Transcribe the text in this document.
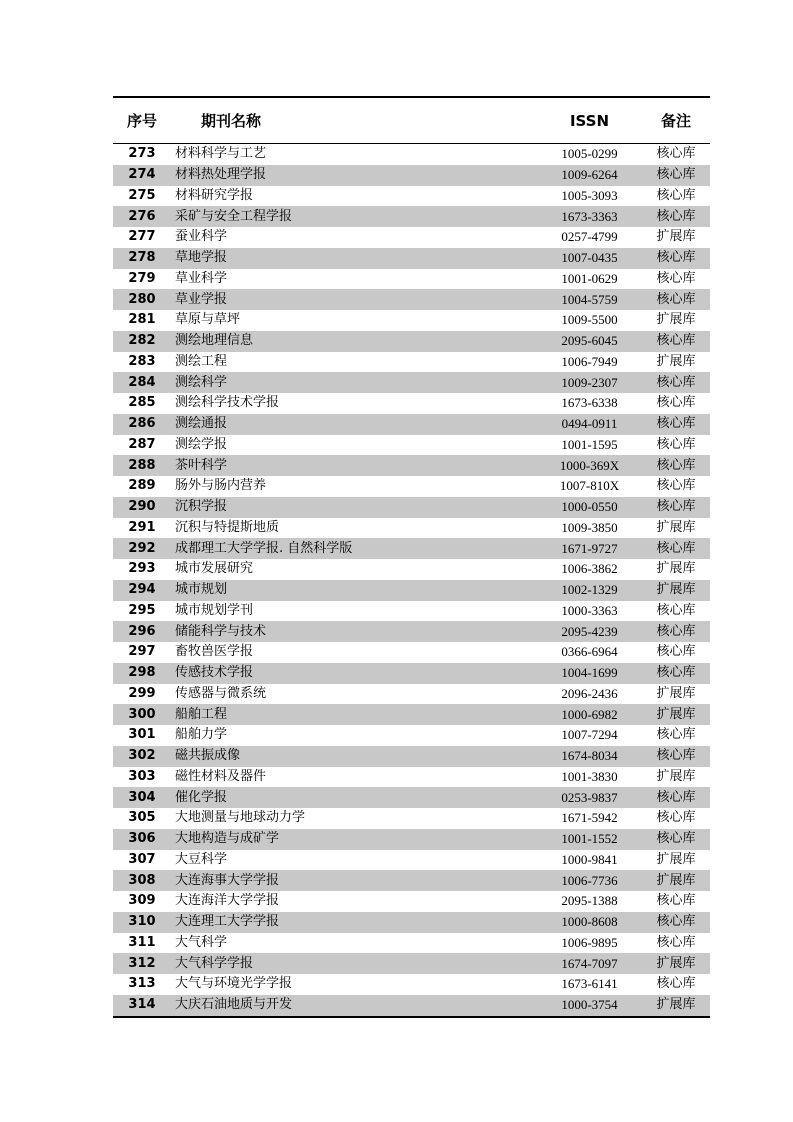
序号	期刊名称	ISSN	备注
273	材料科学与工艺	1005-0299	核心库
274	材料热处理学报	1009-6264	核心库
275	材料研究学报	1005-3093	核心库
276	采矿与安全工程学报	1673-3363	核心库
277	蚕业科学	0257-4799	扩展库
278	草地学报	1007-0435	核心库
279	草业科学	1001-0629	核心库
280	草业学报	1004-5759	核心库
281	草原与草坪	1009-5500	扩展库
282	测绘地理信息	2095-6045	核心库
283	测绘工程	1006-7949	扩展库
284	测绘科学	1009-2307	核心库
285	测绘科学技术学报	1673-6338	核心库
286	测绘通报	0494-0911	核心库
287	测绘学报	1001-1595	核心库
288	茶叶科学	1000-369X	核心库
289	肠外与肠内营养	1007-810X	核心库
290	沉积学报	1000-0550	核心库
291	沉积与特提斯地质	1009-3850	扩展库
292	成都理工大学学报. 自然科学版	1671-9727	核心库
293	城市发展研究	1006-3862	扩展库
294	城市规划	1002-1329	扩展库
295	城市规划学刊	1000-3363	核心库
296	储能科学与技术	2095-4239	核心库
297	畜牧兽医学报	0366-6964	核心库
298	传感技术学报	1004-1699	核心库
299	传感器与微系统	2096-2436	扩展库
300	船舶工程	1000-6982	扩展库
301	船舶力学	1007-7294	核心库
302	磁共振成像	1674-8034	核心库
303	磁性材料及器件	1001-3830	扩展库
304	催化学报	0253-9837	核心库
305	大地测量与地球动力学	1671-5942	核心库
306	大地构造与成矿学	1001-1552	核心库
307	大豆科学	1000-9841	扩展库
308	大连海事大学学报	1006-7736	扩展库
309	大连海洋大学学报	2095-1388	核心库
310	大连理工大学学报	1000-8608	核心库
311	大气科学	1006-9895	核心库
312	大气科学学报	1674-7097	扩展库
313	大气与环境光学学报	1673-6141	核心库
314	大庆石油地质与开发	1000-3754	扩展库
